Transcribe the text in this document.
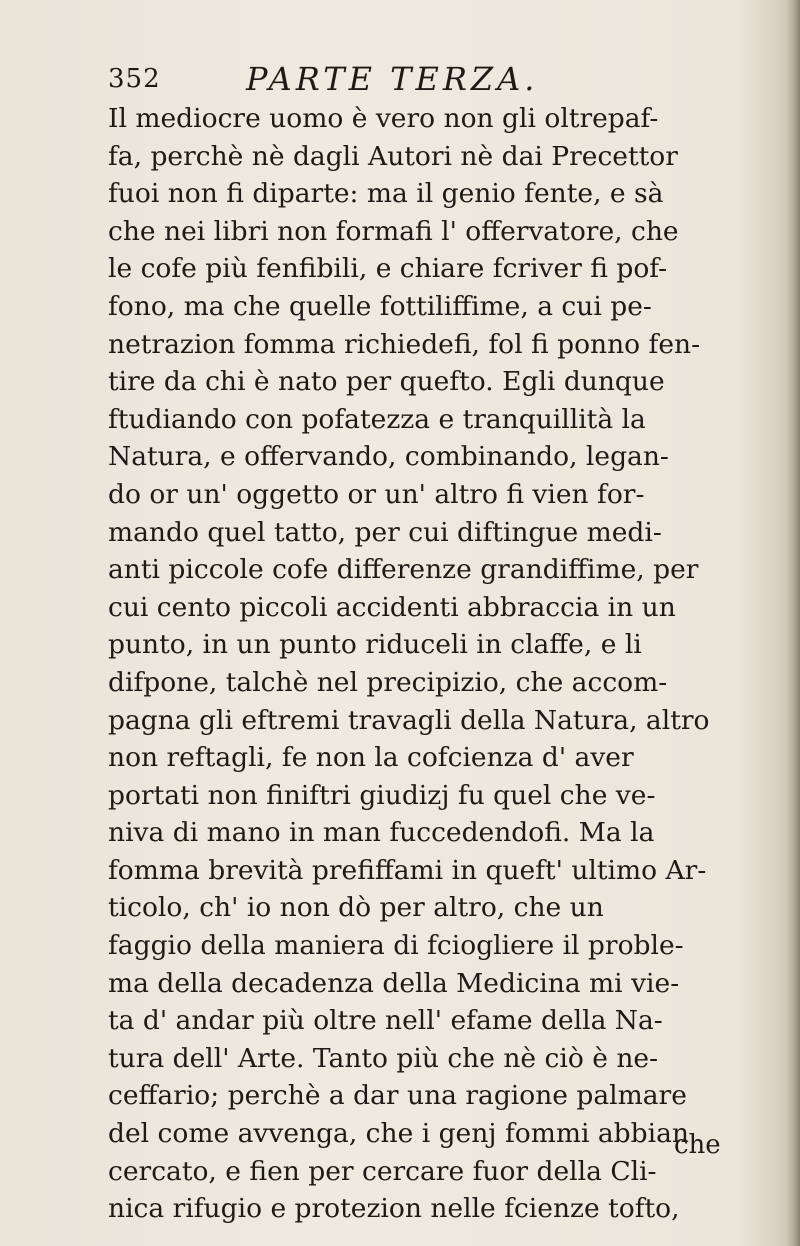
352	PARTE TERZA.
Il mediocre uomo è vero non gli oltrepaf-
fa, perchè nè dagli Autori nè dai Precettor
fuoi non fi diparte: ma il genio fente, e sà
che nei libri non formafi l' offervatore, che
le cofe più fenfibili, e chiare fcriver fi pof-
fono, ma che quelle fottiliffime, a cui pe-
netrazion fomma richiedefi, fol fi ponno fen-
tire da chi è nato per quefto. Egli dunque
ftudiando con pofatezza e tranquillità la
Natura, e offervando, combinando, legan-
do or un' oggetto or un' altro fi vien for-
mando quel tatto, per cui diftingue medi-
anti piccole cofe differenze grandiffime, per
cui cento piccoli accidenti abbraccia in un
punto, in un punto riduceli in claffe, e li
difpone, talchè nel precipizio, che accom-
pagna gli eftremi travagli della Natura, altro
non reftagli, fe non la cofcienza d' aver
portati non finiftri giudizj fu quel che ve-
niva di mano in man fuccedendofi. Ma la
fomma brevità prefiffami in queft' ultimo Ar-
ticolo, ch' io non dò per altro, che un
faggio della maniera di fciogliere il proble-
ma della decadenza della Medicina mi vie-
ta d' andar più oltre nell' efame della Na-
tura dell' Arte. Tanto più che nè ciò è ne-
ceffario; perchè a dar una ragione palmare
del come avvenga, che i genj fommi abbian
cercato, e fien per cercare fuor della Cli-
nica rifugio e protezion nelle fcienze tofto,
che
